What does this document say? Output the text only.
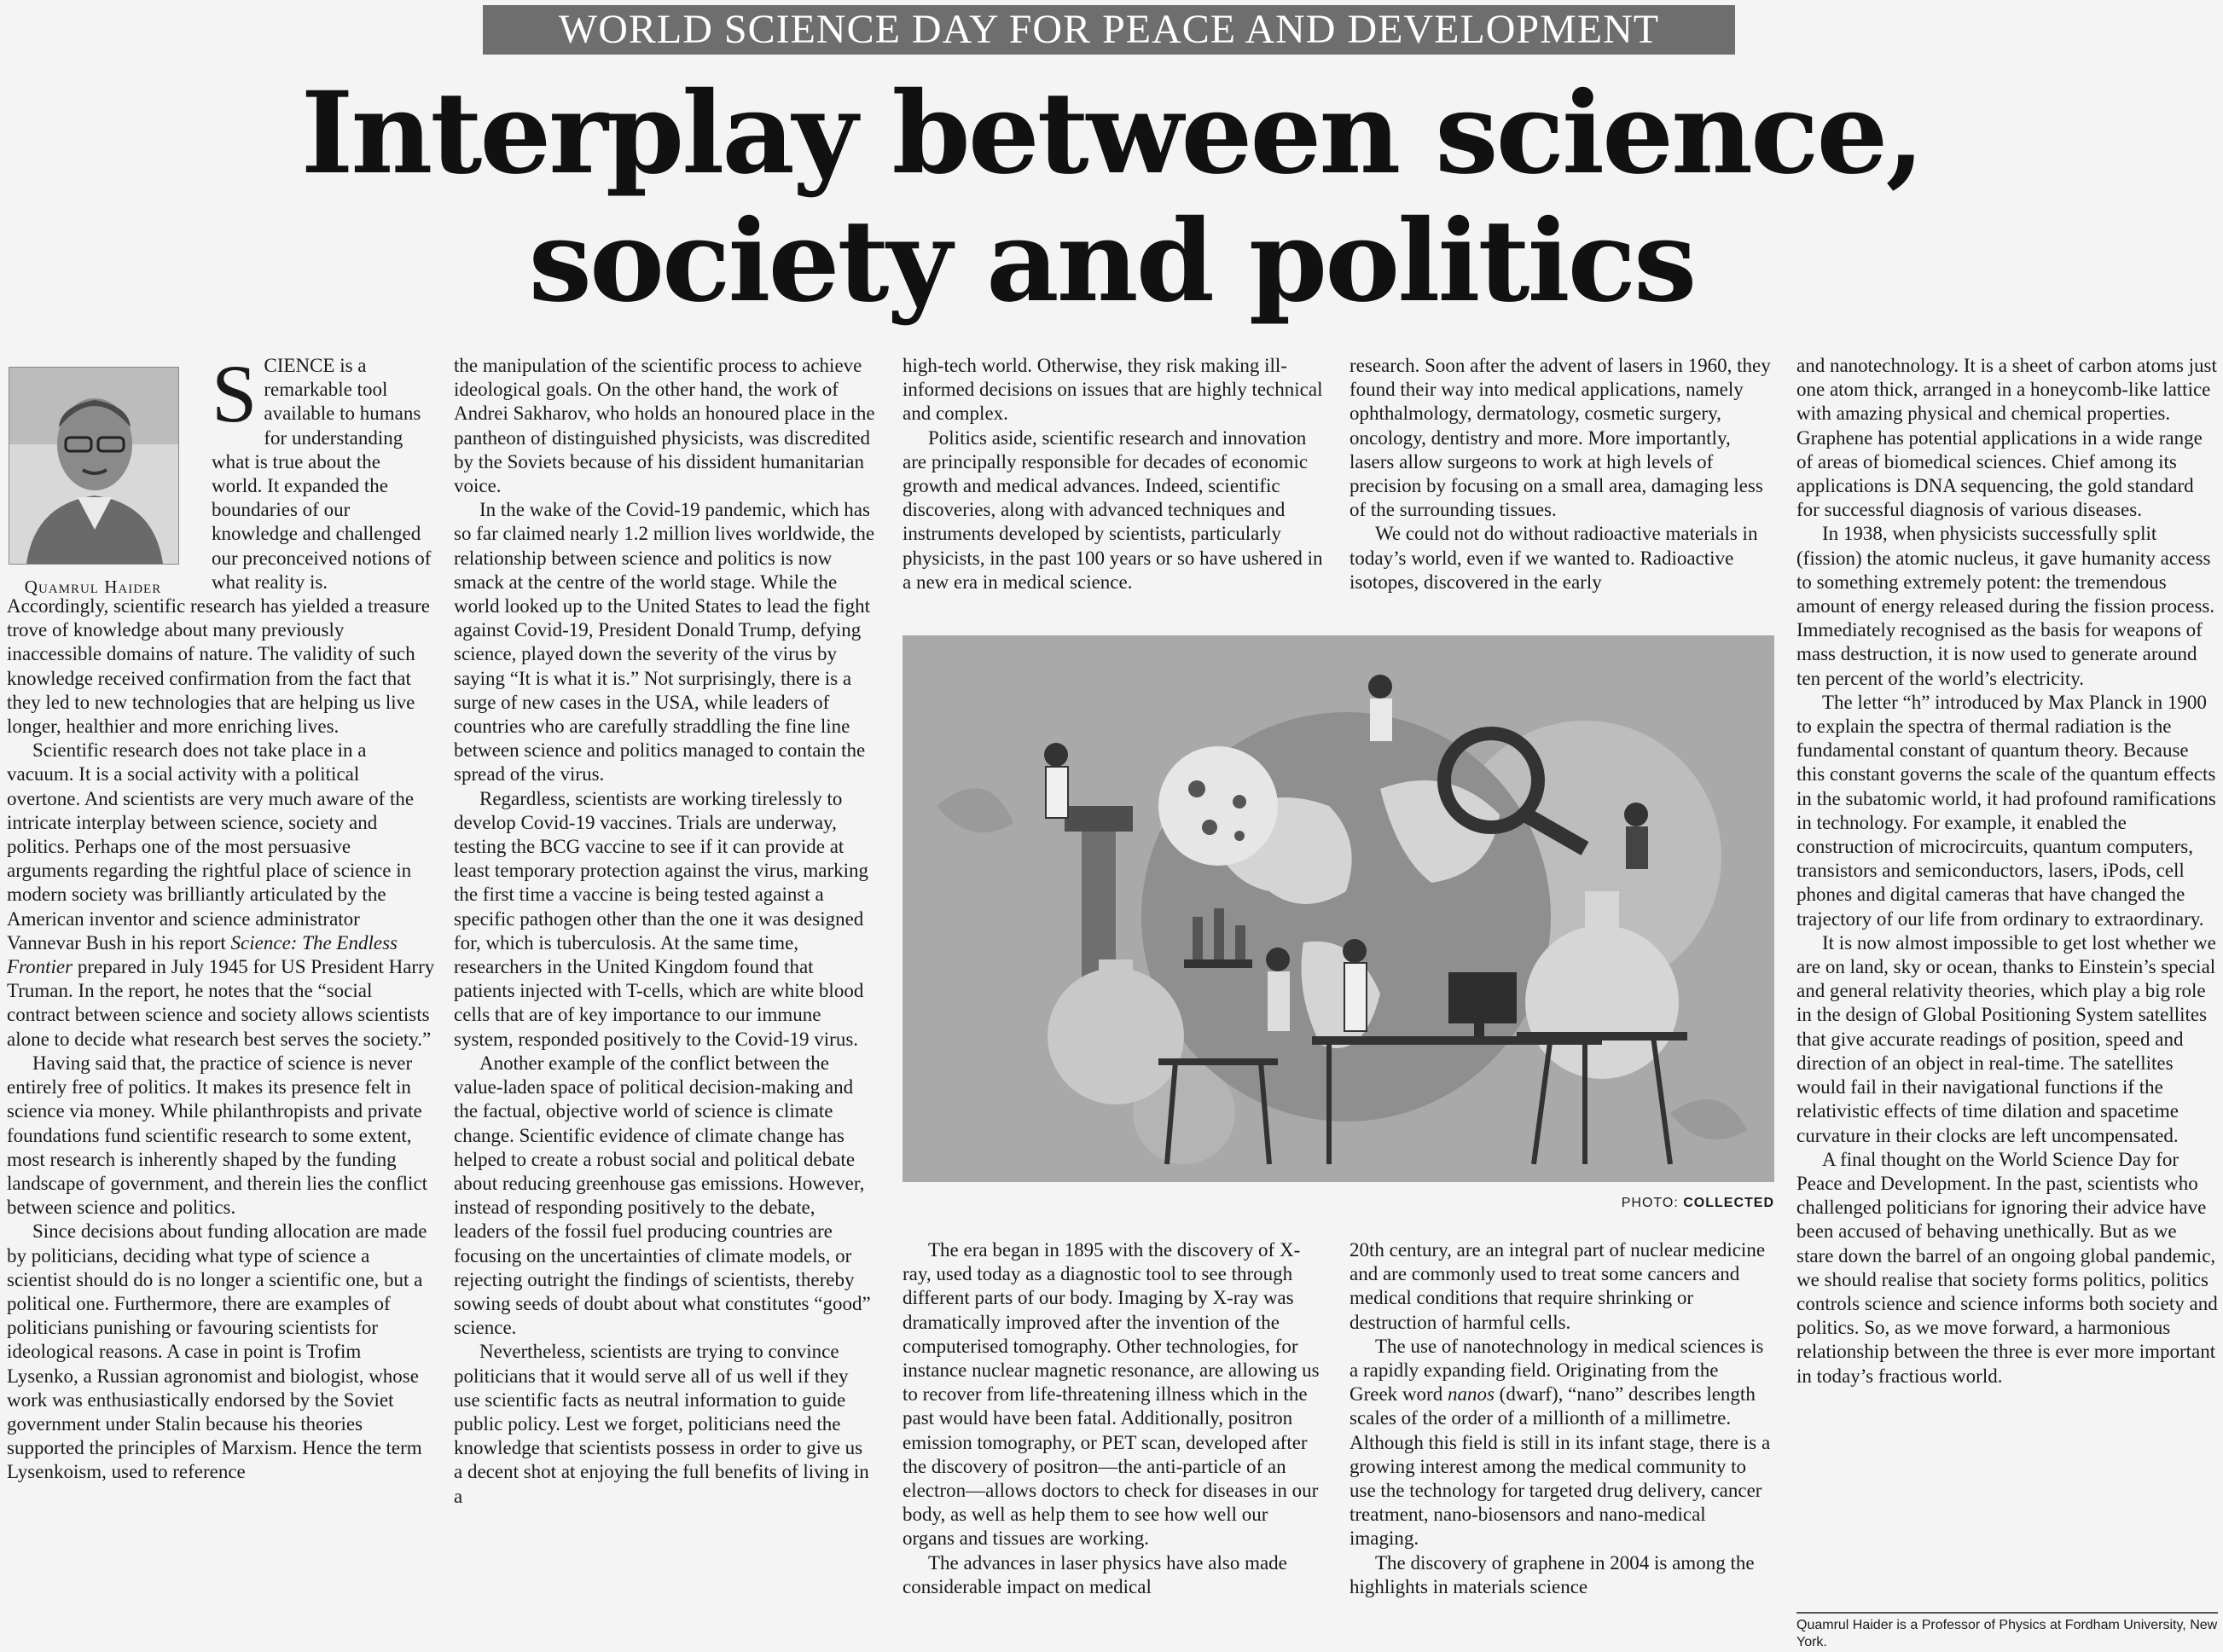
WORLD SCIENCE DAY FOR PEACE AND DEVELOPMENT
Interplay between science,
society and politics
Quamrul Haider
SCIENCE is a remarkable tool available to humans for understanding what is true about the world. It expanded the boundaries of our knowledge and challenged our preconceived notions of what reality is.

Accordingly, scientific research has yielded a treasure trove of knowledge about many previously inaccessible domains of nature. The validity of such knowledge received confirmation from the fact that they led to new technologies that are helping us live longer, healthier and more enriching lives.

Scientific research does not take place in a vacuum. It is a social activity with a political overtone. And scientists are very much aware of the intricate interplay between science, society and politics. Perhaps one of the most persuasive arguments regarding the rightful place of science in modern society was brilliantly articulated by the American inventor and science administrator Vannevar Bush in his report Science: The Endless Frontier prepared in July 1945 for US President Harry Truman. In the report, he notes that the “social contract between science and society allows scientists alone to decide what research best serves the society.”

Having said that, the practice of science is never entirely free of politics. It makes its presence felt in science via money. While philanthropists and private foundations fund scientific research to some extent, most research is inherently shaped by the funding landscape of government, and therein lies the conflict between science and politics.

Since decisions about funding allocation are made by politicians, deciding what type of science a scientist should do is no longer a scientific one, but a political one. Furthermore, there are examples of politicians punishing or favouring scientists for ideological reasons. A case in point is Trofim Lysenko, a Russian agronomist and biologist, whose work was enthusiastically endorsed by the Soviet government under Stalin because his theories supported the principles of Marxism. Hence the term Lysenkoism, used to reference

the manipulation of the scientific process to achieve ideological goals. On the other hand, the work of Andrei Sakharov, who holds an honoured place in the pantheon of distinguished physicists, was discredited by the Soviets because of his dissident humanitarian voice.

In the wake of the Covid-19 pandemic, which has so far claimed nearly 1.2 million lives worldwide, the relationship between science and politics is now smack at the centre of the world stage. While the world looked up to the United States to lead the fight against Covid-19, President Donald Trump, defying science, played down the severity of the virus by saying “It is what it is.” Not surprisingly, there is a surge of new cases in the USA, while leaders of countries who are carefully straddling the fine line between science and politics managed to contain the spread of the virus.

Regardless, scientists are working tirelessly to develop Covid-19 vaccines. Trials are underway, testing the BCG vaccine to see if it can provide at least temporary protection against the virus, marking the first time a vaccine is being tested against a specific pathogen other than the one it was designed for, which is tuberculosis. At the same time, researchers in the United Kingdom found that patients injected with T-cells, which are white blood cells that are of key importance to our immune system, responded positively to the Covid-19 virus.

Another example of the conflict between the value-laden space of political decision-making and the factual, objective world of science is climate change. Scientific evidence of climate change has helped to create a robust social and political debate about reducing greenhouse gas emissions. However, instead of responding positively to the debate, leaders of the fossil fuel producing countries are focusing on the uncertainties of climate models, or rejecting outright the findings of scientists, thereby sowing seeds of doubt about what constitutes “good” science.

Nevertheless, scientists are trying to convince politicians that it would serve all of us well if they use scientific facts as neutral information to guide public policy. Lest we forget, politicians need the knowledge that scientists possess in order to give us a decent shot at enjoying the full benefits of living in a

high-tech world. Otherwise, they risk making ill-informed decisions on issues that are highly technical and complex.

Politics aside, scientific research and innovation are principally responsible for decades of economic growth and medical advances. Indeed, scientific discoveries, along with advanced techniques and instruments developed by scientists, particularly physicists, in the past 100 years or so have ushered in a new era in medical science.

research. Soon after the advent of lasers in 1960, they found their way into medical applications, namely ophthalmology, dermatology, cosmetic surgery, oncology, dentistry and more. More importantly, lasers allow surgeons to work at high levels of precision by focusing on a small area, damaging less of the surrounding tissues.

We could not do without radioactive materials in today’s world, even if we wanted to. Radioactive isotopes, discovered in the early

PHOTO: COLLECTED

The era began in 1895 with the discovery of X-ray, used today as a diagnostic tool to see through different parts of our body. Imaging by X-ray was dramatically improved after the invention of the computerised tomography. Other technologies, for instance nuclear magnetic resonance, are allowing us to recover from life-threatening illness which in the past would have been fatal. Additionally, positron emission tomography, or PET scan, developed after the discovery of positron—the anti-particle of an electron—allows doctors to check for diseases in our body, as well as help them to see how well our organs and tissues are working.

The advances in laser physics have also made considerable impact on medical

20th century, are an integral part of nuclear medicine and are commonly used to treat some cancers and medical conditions that require shrinking or destruction of harmful cells.

The use of nanotechnology in medical sciences is a rapidly expanding field. Originating from the Greek word nanos (dwarf), “nano” describes length scales of the order of a millionth of a millimetre. Although this field is still in its infant stage, there is a growing interest among the medical community to use the technology for targeted drug delivery, cancer treatment, nano-biosensors and nano-medical imaging.

The discovery of graphene in 2004 is among the highlights in materials science

and nanotechnology. It is a sheet of carbon atoms just one atom thick, arranged in a honeycomb-like lattice with amazing physical and chemical properties. Graphene has potential applications in a wide range of areas of biomedical sciences. Chief among its applications is DNA sequencing, the gold standard for successful diagnosis of various diseases.

In 1938, when physicists successfully split (fission) the atomic nucleus, it gave humanity access to something extremely potent: the tremendous amount of energy released during the fission process. Immediately recognised as the basis for weapons of mass destruction, it is now used to generate around ten percent of the world’s electricity.

The letter “h” introduced by Max Planck in 1900 to explain the spectra of thermal radiation is the fundamental constant of quantum theory. Because this constant governs the scale of the quantum effects in the subatomic world, it had profound ramifications in technology. For example, it enabled the construction of microcircuits, quantum computers, transistors and semiconductors, lasers, iPods, cell phones and digital cameras that have changed the trajectory of our life from ordinary to extraordinary.

It is now almost impossible to get lost whether we are on land, sky or ocean, thanks to Einstein’s special and general relativity theories, which play a big role in the design of Global Positioning System satellites that give accurate readings of position, speed and direction of an object in real-time. The satellites would fail in their navigational functions if the relativistic effects of time dilation and spacetime curvature in their clocks are left uncompensated.

A final thought on the World Science Day for Peace and Development. In the past, scientists who challenged politicians for ignoring their advice have been accused of behaving unethically. But as we stare down the barrel of an ongoing global pandemic, we should realise that society forms politics, politics controls science and science informs both society and politics. So, as we move forward, a harmonious relationship between the three is ever more important in today’s fractious world.

Quamrul Haider is a Professor of Physics at Fordham University, New York.
